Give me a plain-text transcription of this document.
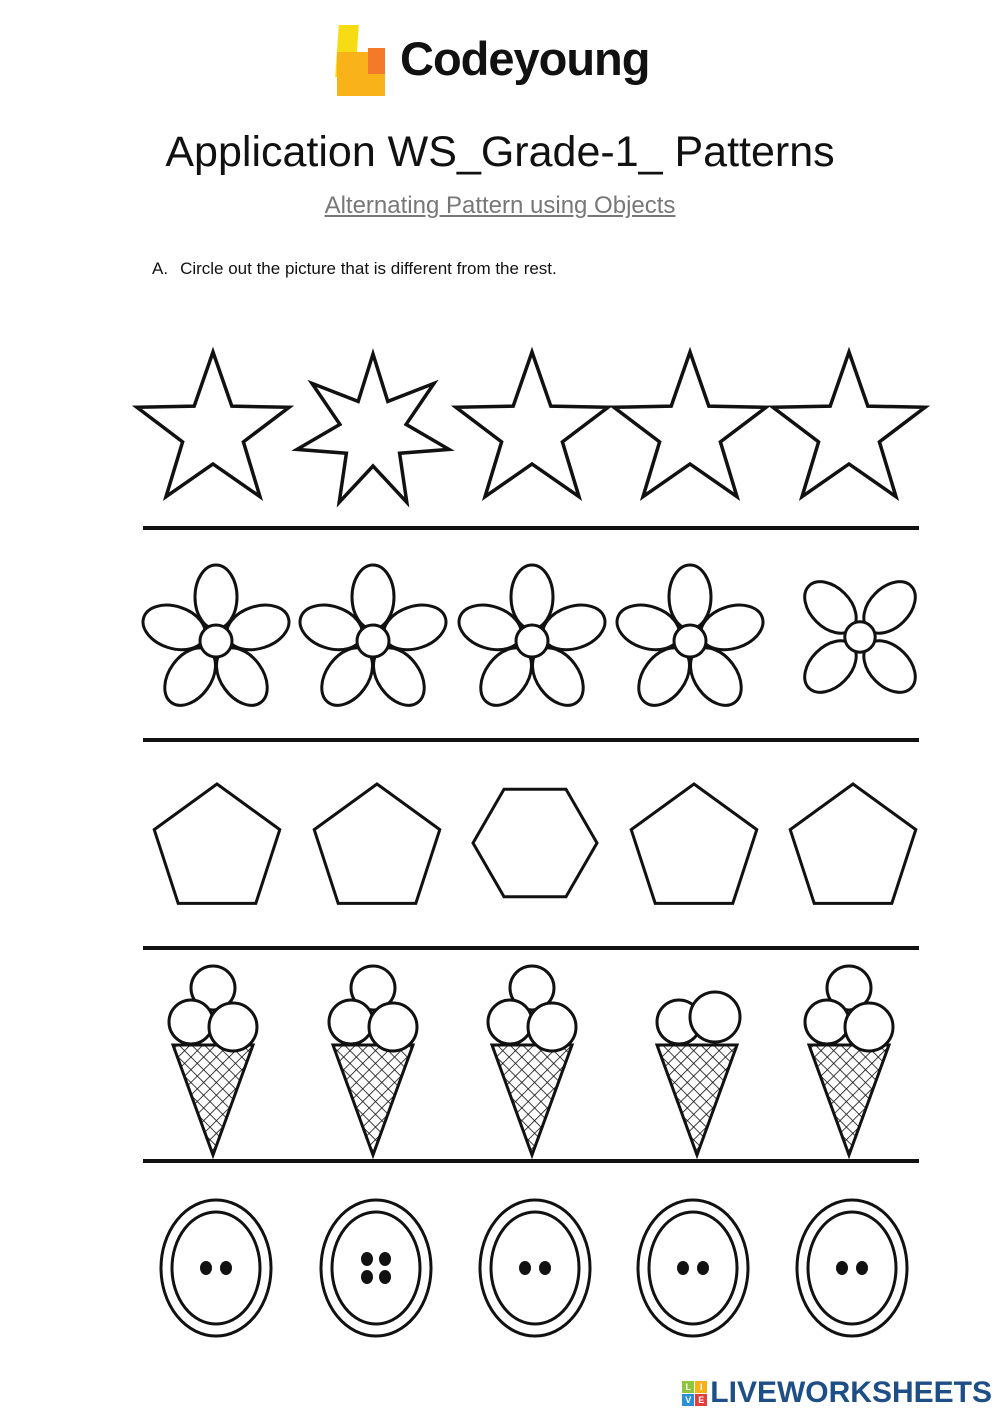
Codeyoung
Application WS_Grade-1_ Patterns
Alternating Pattern using Objects
A. Circle out the picture that is different from the rest.
L I
V E LIVEWORKSHEETS
